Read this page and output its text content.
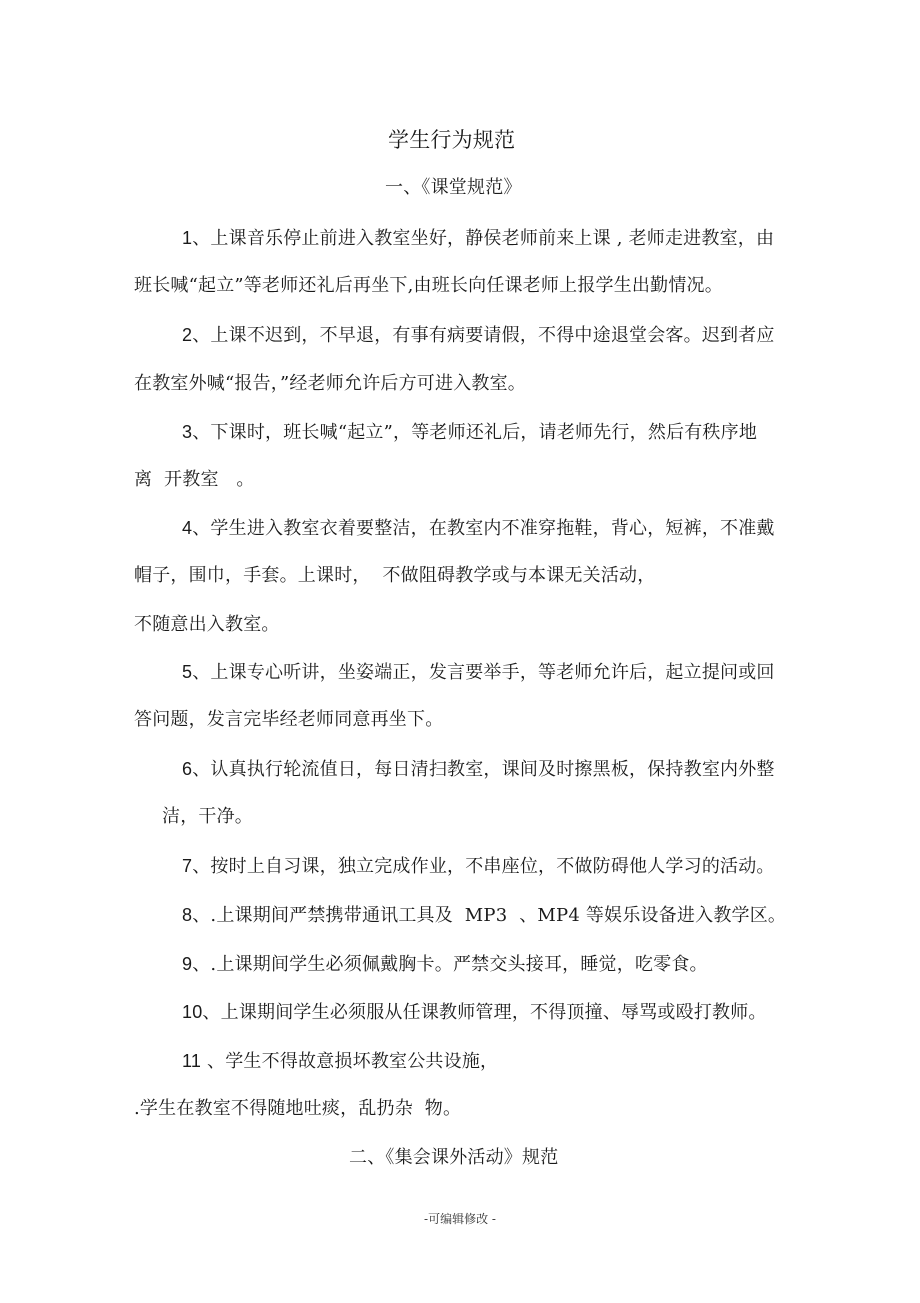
学生行为规范
一、《课堂规范》
1、上课音乐停止前进入教室坐好，静侯老师前来上课 , 老师走进教室，由
班长喊“起立”等老师还礼后再坐下,由班长向任课老师上报学生出勤情况。
2、上课不迟到，不早退，有事有病要请假，不得中途退堂会客。迟到者应
在教室外喊“报告，”经老师允许后方可进入教室。
3、下课时，班长喊“起立”，等老师还礼后，请老师先行，然后有秩序地
离  开教室   。
4、学生进入教室衣着要整洁，在教室内不准穿拖鞋，背心，短裤，不准戴
帽子，围巾，手套。上课时，  不做阻碍教学或与本课无关活动，
不随意出入教室。
5、上课专心听讲，坐姿端正，发言要举手，等老师允许后，起立提问或回
答问题，发言完毕经老师同意再坐下。
6、认真执行轮流值日，每日清扫教室，课间及时擦黑板，保持教室内外整
洁，干净。
7、按时上自习课，独立完成作业，不串座位，不做防碍他人学习的活动。
8、.上课期间严禁携带通讯工具及  MP3  、MP4 等娱乐设备进入教学区。
9、.上课期间学生必须佩戴胸卡。严禁交头接耳，睡觉，吃零食。
10、上课期间学生必须服从任课教师管理，不得顶撞、辱骂或殴打教师。
11 、学生不得故意损坏教室公共设施，
.学生在教室不得随地吐痰，乱扔杂  物。
二、《集会课外活动》规范
-可编辑修改 -
